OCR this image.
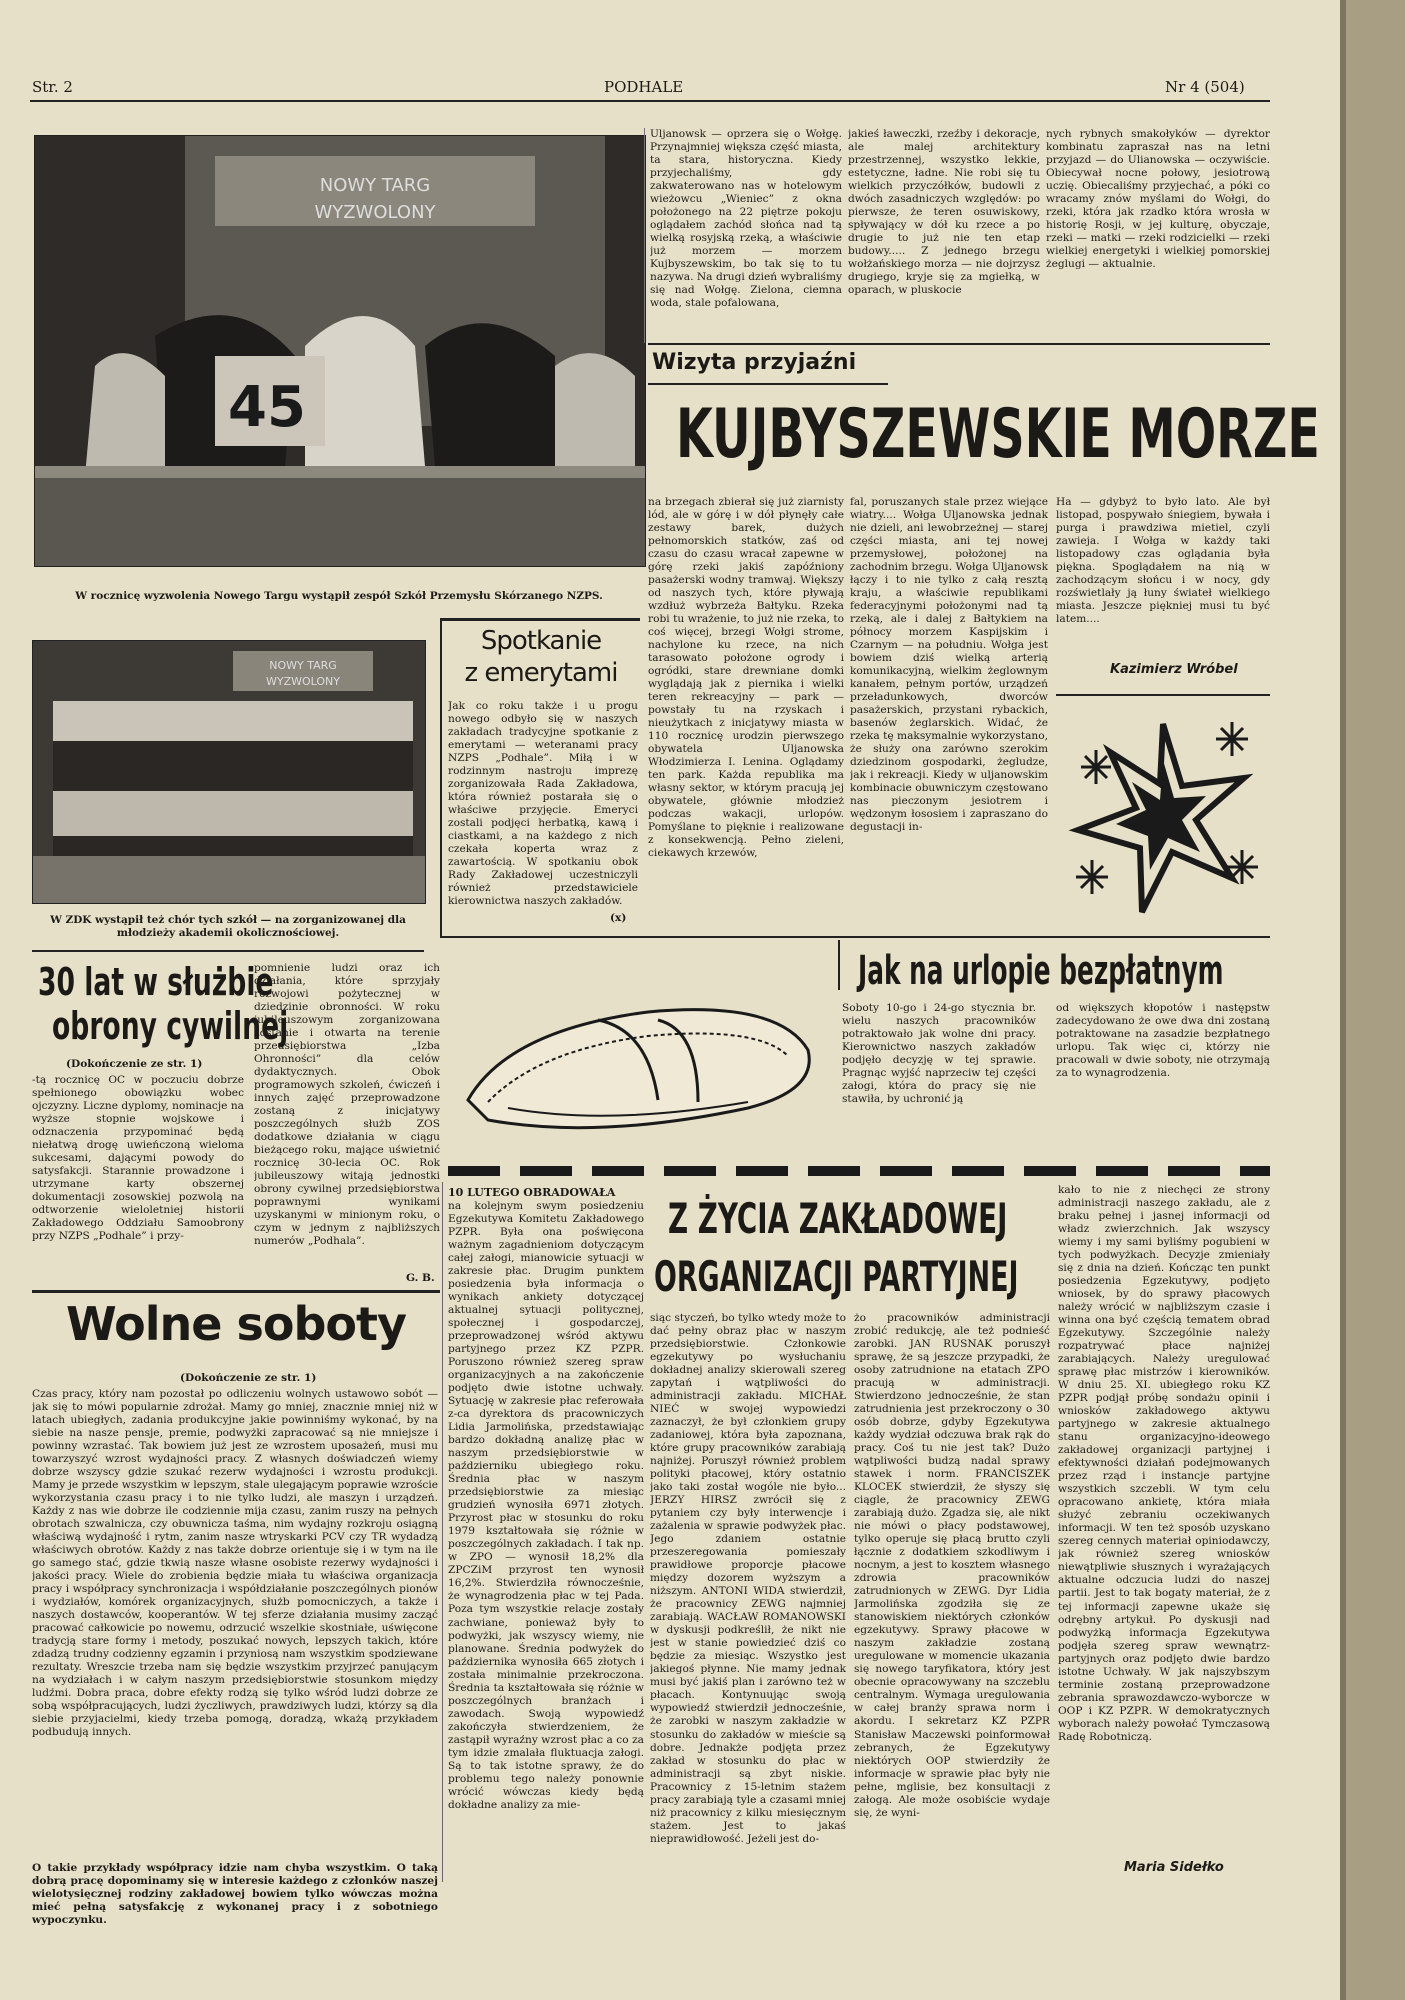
Str. 2	PODHALE	Nr 4 (504)
NOWY TARG
WYZWOLONY
45
W rocznicę wyzwolenia Nowego Targu wystąpił zespół Szkół Przemysłu Skórzanego NZPS.
NOWY TARG
WYZWOLONY
W ZDK wystąpił też chór tych szkół — na zorganizowanej dla młodzieży akademii okolicznościowej.
Uljanowsk — oprzera się o Wołgę. Przynajmniej większa część miasta, ta stara, historyczna. Kiedy przyjechaliśmy, gdy zakwaterowano nas w hotelowym wieżowcu „Wieniec” z okna położonego na 22 piętrze pokoju oglądałem zachód słońca nad tą wielką rosyjską rzeką, a właściwie już morzem — morzem Kujbyszewskim, bo tak się to tu nazywa. Na drugi dzień wybraliśmy się nad Wołgę. Zielona, ciemna woda, stale pofalowana,
jakieś ławeczki, rzeźby i dekoracje, ale malej architektury przestrzennej, wszystko lekkie, estetyczne, ładne. Nie robi się tu wielkich przyczółków, budowli z dwóch zasadniczych względów: po pierwsze, że teren osuwiskowy, spływający w dół ku rzece a po drugie to już nie ten etap budowy..... Z jednego brzegu wołżańskiego morza — nie dojrzysz drugiego, kryje się za mgiełką, w oparach, w pluskocie
nych rybnych smakołyków — dyrektor kombinatu zapraszał nas na letni przyjazd — do Ulianowska — oczywiście. Obiecywał nocne połowy, jesiotrową uczię. Obiecaliśmy przyjechać, a póki co wracamy znów myślami do Wołgi, do rzeki, która jak rzadko która wrosła w historię Rosji, w jej kulturę, obyczaje, rzeki — matki — rzeki rodzicielki — rzeki wielkiej energetyki i wielkiej pomorskiej żeglugi — aktualnie.
Wizyta przyjaźni
KUJBYSZEWSKIE MORZE
na brzegach zbierał się już ziarnisty lód, ale w górę i w dół płynęły całe zestawy barek, dużych pełnomorskich statków, zaś od czasu do czasu wracał zapewne w górę rzeki jakiś zapóźniony pasażerski wodny tramwaj. Większy od naszych tych, które pływają wzdłuż wybrzeża Bałtyku. Rzeka robi tu wrażenie, to już nie rzeka, to coś więcej, brzegi Wołgi strome, nachylone ku rzece, na nich tarasowato położone ogrody i ogródki, stare drewniane domki wyglądają jak z piernika i wielki teren rekreacyjny — park — powstały tu na rzyskach i nieużytkach z inicjatywy miasta w 110 rocznicę urodzin pierwszego obywatela Uljanowska Włodzimierza I. Lenina. Oglądamy ten park. Każda republika ma własny sektor, w którym pracują jej obywatele, głównie młodzież podczas wakacji, urlopów. Pomyślane to pięknie i realizowane z konsekwencją. Pełno zieleni, ciekawych krzewów,
fal, poruszanych stale przez wiejące wiatry.... Wołga Uljanowska jednak nie dzieli, ani lewobrzeżnej — starej części miasta, ani tej nowej przemysłowej, położonej na zachodnim brzegu. Wołga Uljanowsk łączy i to nie tylko z całą resztą kraju, a właściwie republikami federacyjnymi położonymi nad tą rzeką, ale i dalej z Bałtykiem na północy morzem Kaspijskim i Czarnym — na południu. Wołga jest bowiem dziś wielką arterią komunikacyjną, wielkim żeglownym kanałem, pełnym portów, urządzeń przeładunkowych, dworców pasażerskich, przystani rybackich, basenów żeglarskich. Widać, że rzeka tę maksymalnie wykorzystano, że służy ona zarówno szerokim dziedzinom gospodarki, żegludze, jak i rekreacji. Kiedy w uljanowskim kombinacie obuwniczym częstowano nas pieczonym jesiotrem i wędzonym łososiem i zapraszano do degustacji in-
Ha — gdybyż to było lato. Ale był listopad, pospywało śniegiem, bywała i purga i prawdziwa mietiel, czyli zawieja. I Wołga w każdy taki listopadowy czas oglądania była piękna. Spoglądałem na nią w zachodzącym słońcu i w nocy, gdy rozświetlały ją łuny świateł wielkiego miasta. Jeszcze piękniej musi tu być latem....
Kazimierz Wróbel
Spotkanie
z emerytami
Jak co roku także i u progu nowego odbyło się w naszych zakładach tradycyjne spotkanie z emerytami — weteranami pracy NZPS „Podhale”. Miłą i w rodzinnym nastroju imprezę zorganizowała Rada Zakładowa, która również postarała się o właściwe przyjęcie. Emeryci zostali podjęci herbatką, kawą i ciastkami, a na każdego z nich czekała koperta wraz z zawartością. W spotkaniu obok Rady Zakładowej uczestniczyli również przedstawiciele kierownictwa naszych zakładów.
(x)
30 lat w służbie
obrony cywilnej
(Dokończenie ze str. 1)
-tą rocznicę OC w poczuciu dobrze spełnionego obowiązku wobec ojczyzny. Liczne dyplomy, nominacje na wyższe stopnie wojskowe i odznaczenia przypominać będą niełatwą drogę uwieńczoną wieloma sukcesami, dającymi powody do satysfakcji. Starannie prowadzone i utrzymane karty obszernej dokumentacji zosowskiej pozwolą na odtworzenie wieloletniej historii Zakładowego Oddziału Samoobrony przy NZPS „Podhale” i przy-
pomnienie ludzi oraz ich działania, które sprzyjały rozwojowi pożytecznej w dziedzinie obronności. W roku jubileuszowym zorganizowana zostanie i otwarta na terenie przedsiębiorstwa „Izba Ohronności” dla celów dydaktycznych. Obok programowych szkoleń, ćwiczeń i innych zajęć przeprowadzone zostaną z inicjatywy poszczególnych służb ZOS dodatkowe działania w ciągu bieżącego roku, mające uświetnić rocznicę 30-lecia OC. Rok jubileuszowy witają jednostki obrony cywilnej przedsiębiorstwa poprawnymi wynikami uzyskanymi w minionym roku, o czym w jednym z najbliższych numerów „Podhala”.
G. B.
Wolne soboty
(Dokończenie ze str. 1)
Czas pracy, który nam pozostał po odliczeniu wolnych ustawowo sobót — jak się to mówi popularnie zdrożał. Mamy go mniej, znacznie mniej niż w latach ubiegłych, zadania produkcyjne jakie powinniśmy wykonać, by na siebie na nasze pensje, premie, podwyżki zapracować są nie mniejsze i powinny wzrastać. Tak bowiem już jest ze wzrostem uposażeń, musi mu towarzyszyć wzrost wydajności pracy. Z własnych doświadczeń wiemy dobrze wszyscy gdzie szukać rezerw wydajności i wzrostu produkcji. Mamy je przede wszystkim w lepszym, stale ulegającym poprawie wzroście wykorzystania czasu pracy i to nie tylko ludzi, ale maszyn i urządzeń. Każdy z nas wie dobrze ile codziennie mija czasu, zanim ruszy na pełnych obrotach szwalnicza, czy obuwnicza taśma, nim wydajny rozkroju osiągną właściwą wydajność i rytm, zanim nasze wtryskarki PCV czy TR wydadzą właściwych obrotów. Każdy z nas także dobrze orientuje się i w tym na ile go samego stać, gdzie tkwią nasze własne osobiste rezerwy wydajności i jakości pracy. Wiele do zrobienia będzie miała tu właściwa organizacja pracy i współpracy synchronizacja i współdziałanie poszczególnych pionów i wydziałów, komórek organizacyjnych, służb pomocniczych, a także i naszych dostawców, kooperantów. W tej sferze działania musimy zacząć pracować całkowicie po nowemu, odrzucić wszelkie skostniałe, uświęcone tradycją stare formy i metody, poszukać nowych, lepszych takich, które zdadzą trudny codzienny egzamin i przyniosą nam wszystkim spodziewane rezultaty. Wreszcie trzeba nam się będzie wszystkim przyjrzeć panującym na wydziałach i w całym naszym przedsiębiorstwie stosunkom między ludźmi. Dobra praca, dobre efekty rodzą się tylko wśród ludzi dobrze ze sobą współpracujących, ludzi życzliwych, prawdziwych ludzi, którzy są dla siebie przyjacielmi, kiedy trzeba pomogą, doradzą, wkażą przykładem podbudują innych.
O takie przykłady współpracy idzie nam chyba wszystkim. O taką dobrą pracę dopominamy się w interesie każdego z członków naszej wielotysięcznej rodziny zakładowej bowiem tylko wówczas można mieć pełną satysfakcję z wykonanej pracy i z sobotniego wypoczynku.
Jak na urlopie bezpłatnym
Soboty 10-go i 24-go stycznia br. wielu naszych pracowników potraktowało jak wolne dni pracy. Kierownictwo naszych zakładów podjęło decyzję w tej sprawie. Pragnąc wyjść naprzeciw tej części załogi, która do pracy się nie stawiła, by uchronić ją
od większych kłopotów i następstw zadecydowano że owe dwa dni zostaną potraktowane na zasadzie bezpłatnego urlopu. Tak więc ci, którzy nie pracowali w dwie soboty, nie otrzymają za to wynagrodzenia.
10 LUTEGO OBRADOWAŁA
na kolejnym swym posiedzeniu Egzekutywa Komitetu Zakładowego PZPR. Była ona poświęcona ważnym zagadnieniom dotyczącym całej załogi, mianowicie sytuacji w zakresie płac. Drugim punktem posiedzenia była informacja o wynikach ankiety dotyczącej aktualnej sytuacji politycznej, społecznej i gospodarczej, przeprowadzonej wśród aktywu partyjnego przez KZ PZPR. Poruszono również szereg spraw organizacyjnych a na zakończenie podjęto dwie istotne uchwały. Sytuację w zakresie płac referowała z-ca dyrektora ds pracowniczych Lidia Jarmolińska, przedstawiając bardzo dokładną analizę płac w naszym przedsiębiorstwie w październiku ubiegłego roku. Średnia płac w naszym przedsiębiorstwie za miesiąc grudzień wynosiła 6971 złotych. Przyrost płac w stosunku do roku 1979 kształtowała się różnie w poszczególnych zakładach. I tak np. w ZPO — wynosił 18,2% dla ZPCZiM przyrost ten wynosił 16,2%. Stwierdziła równocześnie, że wynagrodzenia płac w tej Pada. Poza tym wszystkie relacje zostały zachwiane, ponieważ były to podwyżki, jak wszyscy wiemy, nie planowane. Średnia podwyżek do października wynosiła 665 złotych i została minimalnie przekroczona. Średnia ta kształtowała się różnie w poszczególnych branżach i zawodach. Swoją wypowiedź zakończyła stwierdzeniem, że zastąpił wyraźny wzrost płac a co za tym idzie zmalała fluktuacja załogi. Są to tak istotne sprawy, że do problemu tego należy ponownie wrócić wówczas kiedy będą dokładne analizy za mie-
Z ŻYCIA ZAKŁADOWEJ
ORGANIZACJI PARTYJNEJ
siąc styczeń, bo tylko wtedy może to dać pełny obraz płac w naszym przedsiębiorstwie. Członkowie egzekutywy po wysłuchaniu dokładnej analizy skierowali szereg zapytań i wątpliwości do administracji zakładu. MICHAŁ NIEĆ w swojej wypowiedzi zaznaczył, że był członkiem grupy zadaniowej, która była zapoznana, które grupy pracowników zarabiają najniżej. Poruszył również problem polityki płacowej, który ostatnio jako taki został wogóle nie było... JERZY HIRSZ zwrócił się z pytaniem czy były interwencje i zażalenia w sprawie podwyżek płac. Jego zdaniem ostatnie przeszeregowania pomieszały prawidłowe proporcje płacowe między dozorem wyższym a niższym. ANTONI WIDA stwierdził, że pracownicy ZEWG najmniej zarabiają. WACŁAW ROMANOWSKI w dyskusji podkreślił, że nikt nie jest w stanie powiedzieć dziś co będzie za miesiąc. Wszystko jest jakiegoś płynne. Nie mamy jednak musi być jakiś plan i zarówno też w płacach. Kontynuując swoją wypowiedź stwierdził jednocześnie, że zarobki w naszym zakładzie w stosunku do zakładów w mieście są dobre. Jednakże podjęta przez zakład w stosunku do płac w administracji są zbyt niskie. Pracownicy z 15-letnim stażem pracy zarabiają tyle a czasami mniej niż pracownicy z kilku miesięcznym stażem. Jest to jakaś nieprawidłowość. Jeżeli jest do-
żo pracowników administracji zrobić redukcję, ale też podnieść zarobki. JAN RUSNAK poruszył sprawę, że są jeszcze przypadki, że osoby zatrudnione na etatach ZPO pracują w administracji. Stwierdzono jednocześnie, że stan zatrudnienia jest przekroczony o 30 osób dobrze, gdyby Egzekutywa każdy wydział odczuwa brak rąk do pracy. Coś tu nie jest tak? Dużo wątpliwości budzą nadal sprawy stawek i norm. FRANCISZEK KLOCEK stwierdził, że słyszy się ciągle, że pracownicy ZEWG zarabiają dużo. Zgadza się, ale nikt nie mówi o płacy podstawowej, tylko operuje się płacą brutto czyli łącznie z dodatkiem szkodliwym i nocnym, a jest to kosztem własnego zdrowia pracowników zatrudnionych w ZEWG. Dyr Lidia Jarmolińska zgodziła się ze stanowiskiem niektórych członków egzekutywy. Sprawy płacowe w naszym zakładzie zostaną uregulowane w momencie ukazania się nowego taryfikatora, który jest obecnie opracowywany na szczeblu centralnym. Wymaga uregulowania w całej branży sprawa norm i akordu. I sekretarz KZ PZPR Stanisław Maczewski poinformował zebranych, że Egzekutywy niektórych OOP stwierdziły że informacje w sprawie płac były nie pełne, mglisie, bez konsultacji z załogą. Ale może osobiście wydaje się, że wyni-
kało to nie z niechęci ze strony administracji naszego zakładu, ale z braku pełnej i jasnej informacji od władz zwierzchnich. Jak wszyscy wiemy i my sami byliśmy pogubieni w tych podwyżkach. Decyzje zmieniały się z dnia na dzień. Kończąc ten punkt posiedzenia Egzekutywy, podjęto wniosek, by do sprawy płacowych należy wrócić w najbliższym czasie i winna ona być częścią tematem obrad Egzekutywy. Szczególnie należy rozpatrywać płace najniżej zarabiających. Należy uregulować sprawę płac mistrzów i kierowników. W dniu 25. XI. ubiegłego roku KZ PZPR podjął próbę sondażu opinii i wniosków zakładowego aktywu partyjnego w zakresie aktualnego stanu organizacyjno-ideowego zakładowej organizacji partyjnej i efektywności działań podejmowanych przez rząd i instancje partyjne wszystkich szczebli. W tym celu opracowano ankietę, która miała służyć zebraniu oczekiwanych informacji. W ten też sposób uzyskano szereg cennych materiał opiniodawczy, jak również szereg wniosków niewątpliwie słusznych i wyrażających aktualne odczucia ludzi do naszej partii. Jest to tak bogaty materiał, że z tej informacji zapewne ukaże się odrębny artykuł. Po dyskusji nad podwyżką informacja Egzekutywa podjęła szereg spraw wewnątrz-partyjnych oraz podjęto dwie bardzo istotne Uchwały. W jak najszybszym terminie zostaną przeprowadzone zebrania sprawozdawczo-wyborcze w OOP i KZ PZPR. W demokratycznych wyborach należy powołać Tymczasową Radę Robotniczą.
Maria Sidełko
